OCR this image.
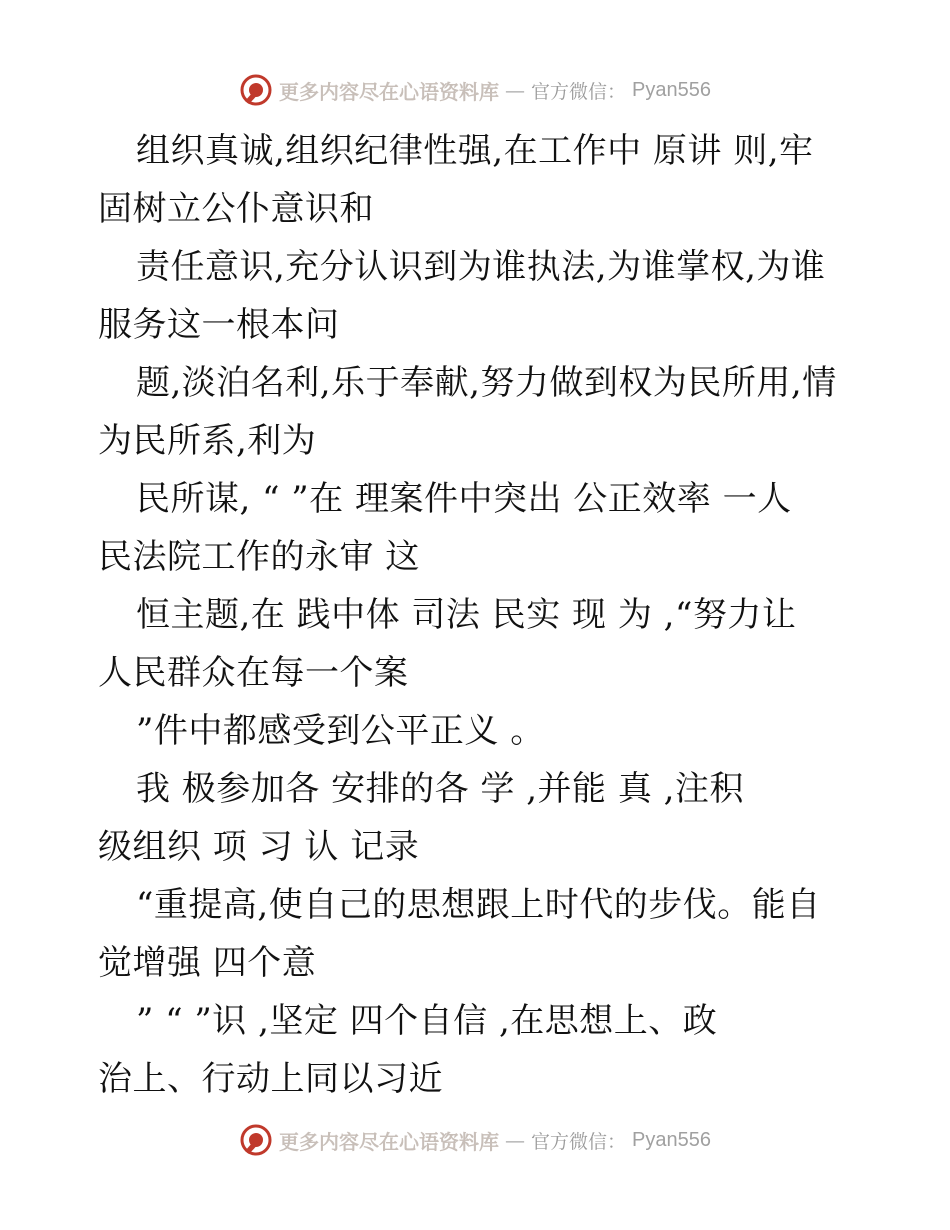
更多内容尽在心语资料库 — 官方微信： Pyan556
组织真诚,组织纪律性强,在工作中 原讲 则,牢
固树立公仆意识和
责任意识,充分认识到为谁执法,为谁掌权,为谁
服务这一根本问
题,淡泊名利,乐于奉献,努力做到权为民所用,情
为民所系,利为
民所谋, “ ”在 理案件中突出 公正效率 一人
民法院工作的永审 这
恒主题,在 践中体 司法 民实 现 为 ,“努力让
人民群众在每一个案
”件中都感受到公平正义 。
我 极参加各 安排的各 学 ,并能 真 ,注积
级组织 项 习 认 记录
“重提高,使自己的思想跟上时代的步伐。能自
觉增强 四个意
” “ ”识 ,坚定 四个自信 ,在思想上、政
治上、行动上同以习近
更多内容尽在心语资料库 — 官方微信： Pyan556
